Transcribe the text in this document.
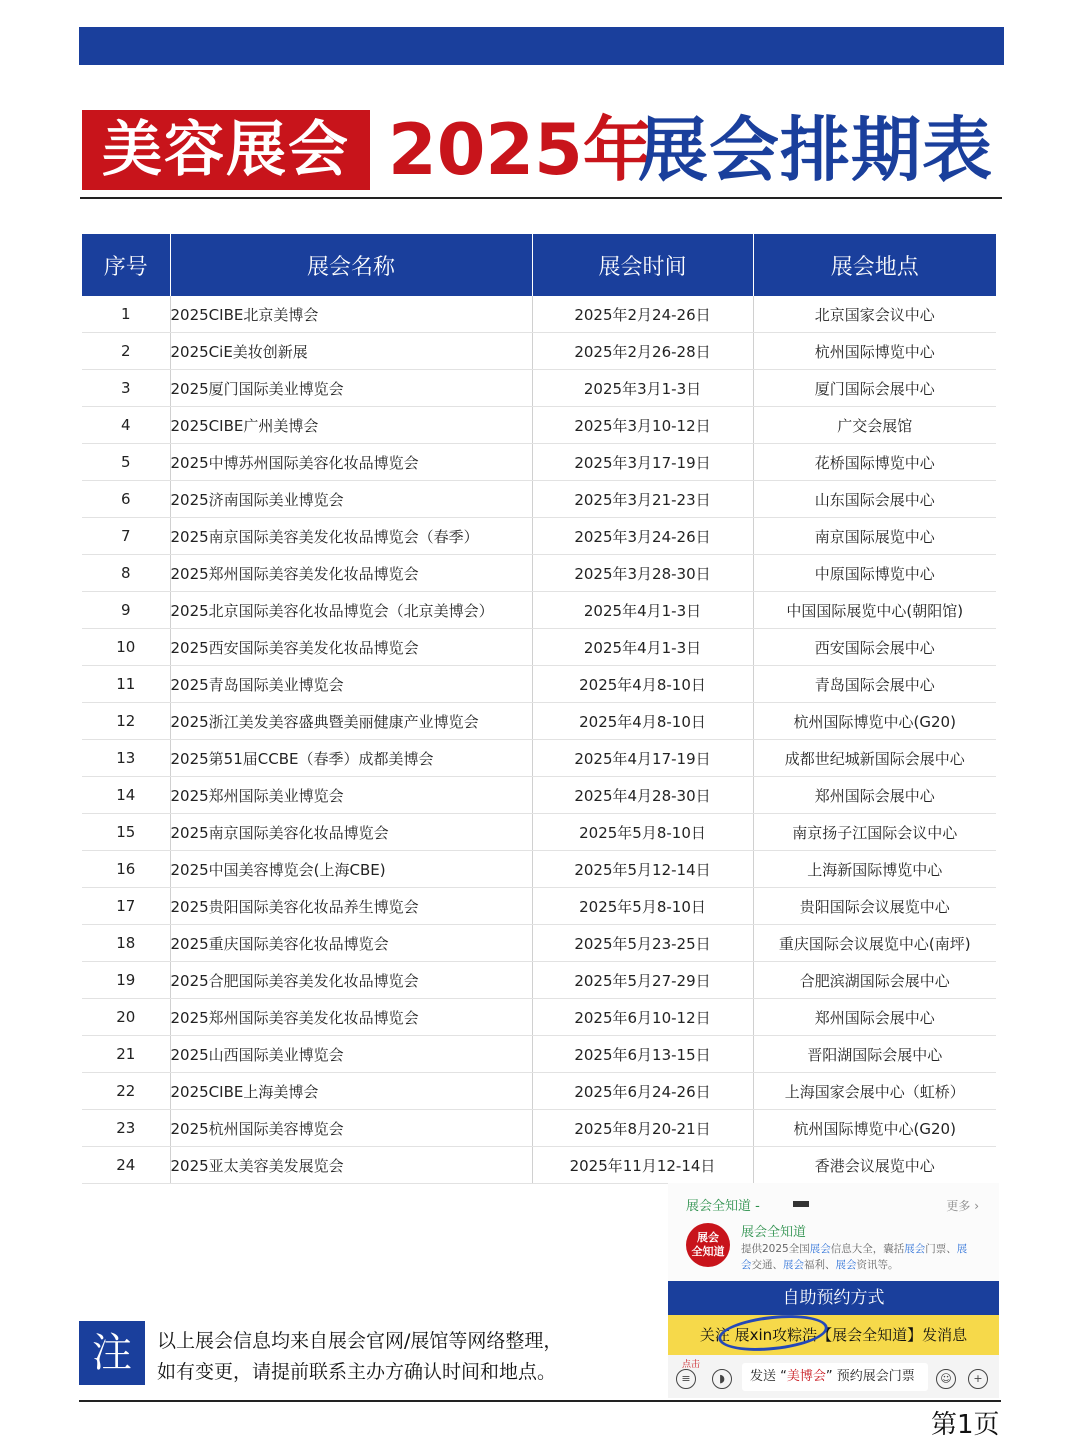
美容展会 2025年
展会排期表
序号	展会名称	展会时间	展会地点
1	2025CIBE北京美博会	2025年2月24-26日	北京国家会议中心
2	2025CiE美妆创新展	2025年2月26-28日	杭州国际博览中心
3	2025厦门国际美业博览会	2025年3月1-3日	厦门国际会展中心
4	2025CIBE广州美博会	2025年3月10-12日	广交会展馆
5	2025中博苏州国际美容化妆品博览会	2025年3月17-19日	花桥国际博览中心
6	2025济南国际美业博览会	2025年3月21-23日	山东国际会展中心
7	2025南京国际美容美发化妆品博览会（春季）	2025年3月24-26日	南京国际展览中心
8	2025郑州国际美容美发化妆品博览会	2025年3月28-30日	中原国际博览中心
9	2025北京国际美容化妆品博览会（北京美博会）	2025年4月1-3日	中国国际展览中心(朝阳馆)
10	2025西安国际美容美发化妆品博览会	2025年4月1-3日	西安国际会展中心
11	2025青岛国际美业博览会	2025年4月8-10日	青岛国际会展中心
12	2025浙江美发美容盛典暨美丽健康产业博览会	2025年4月8-10日	杭州国际博览中心(G20)
13	2025第51届CCBE（春季）成都美博会	2025年4月17-19日	成都世纪城新国际会展中心
14	2025郑州国际美业博览会	2025年4月28-30日	郑州国际会展中心
15	2025南京国际美容化妆品博览会	2025年5月8-10日	南京扬子江国际会议中心
16	2025中国美容博览会(上海CBE)	2025年5月12-14日	上海新国际博览中心
17	2025贵阳国际美容化妆品养生博览会	2025年5月8-10日	贵阳国际会议展览中心
18	2025重庆国际美容化妆品博览会	2025年5月23-25日	重庆国际会议展览中心(南坪)
19	2025合肥国际美容美发化妆品博览会	2025年5月27-29日	合肥滨湖国际会展中心
20	2025郑州国际美容美发化妆品博览会	2025年6月10-12日	郑州国际会展中心
21	2025山西国际美业博览会	2025年6月13-15日	晋阳湖国际会展中心
22	2025CIBE上海美博会	2025年6月24-26日	上海国家会展中心（虹桥）
23	2025杭州国际美容博览会	2025年8月20-21日	杭州国际博览中心(G20)
24	2025亚太美容美发展览会	2025年11月12-14日	香港会议展览中心
注	以上展会信息均来自展会官网/展馆等网络整理，
如有变更，请提前联系主办方确认时间和地点。
第1页
展会全知道 -	更多 ›
展会
全知道
展会全知道
提供2025全国展会信息大全，囊括展会门票、展会交通、展会福利、展会资讯等。
自助预约方式
关注 展xin攻粽浩【展会全知道】发消息
点击
≡	◗	发送 “美博会” 预约展会门票	☺	+
